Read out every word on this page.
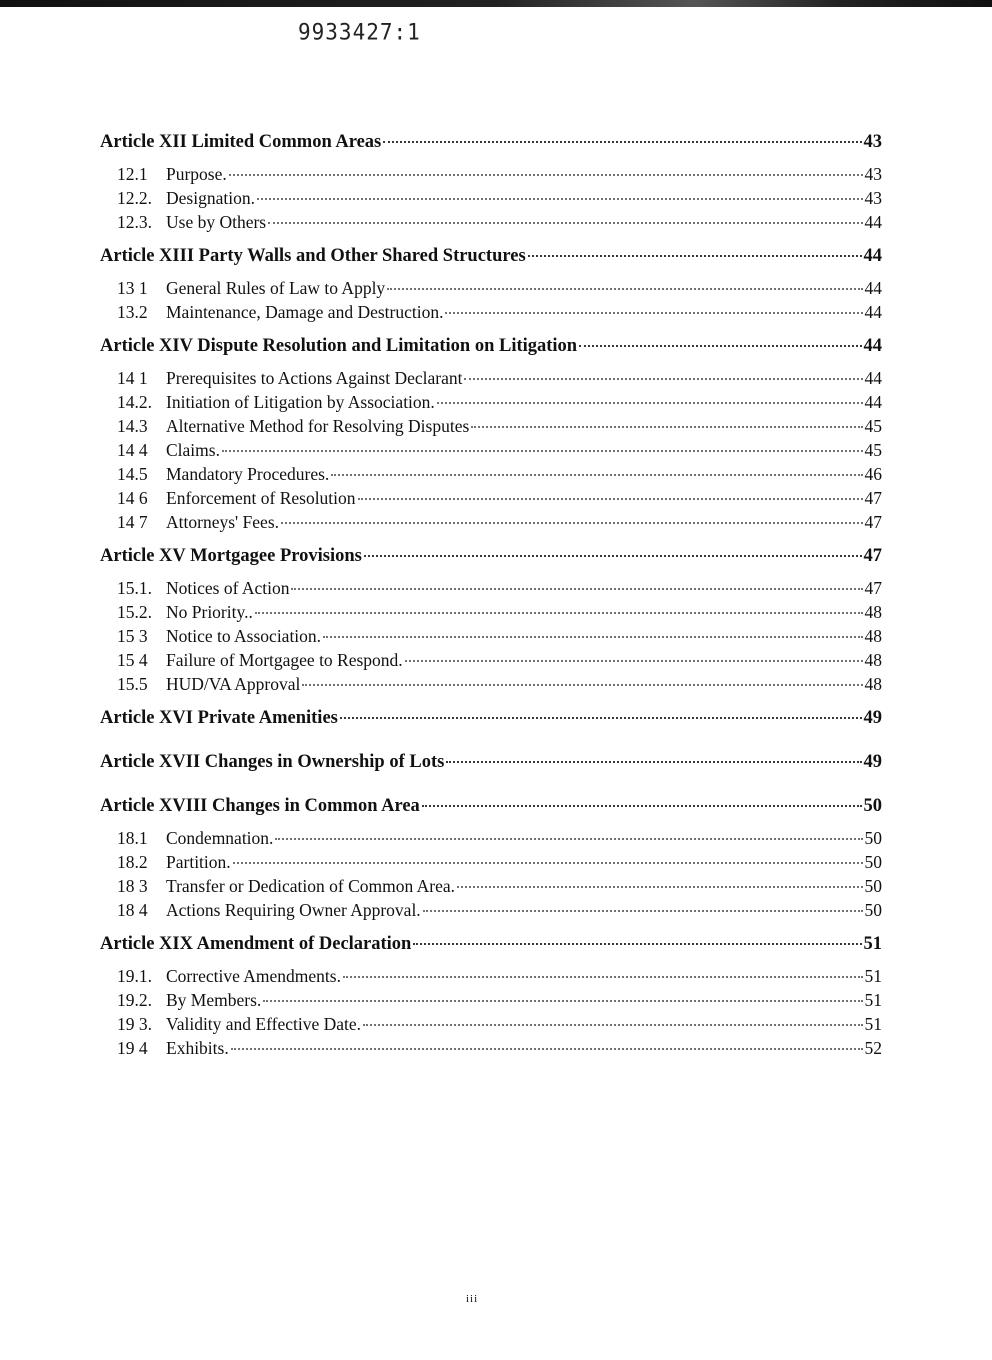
9933427:1
Article XII Limited Common Areas	43
12.1 Purpose.	43
12.2. Designation.	43
12.3. Use by Others	44
Article XIII Party Walls and Other Shared Structures	44
13 1 General Rules of Law to Apply	44
13.2 Maintenance, Damage and Destruction.	44
Article XIV Dispute Resolution and Limitation on Litigation	44
14 1 Prerequisites to Actions Against Declarant	44
14.2. Initiation of Litigation by Association.	44
14.3 Alternative Method for Resolving Disputes	45
14 4 Claims.	45
14.5 Mandatory Procedures.	46
14 6 Enforcement of Resolution	47
14 7 Attorneys' Fees.	47
Article XV Mortgagee Provisions	47
15.1. Notices of Action	47
15.2. No Priority..	48
15 3 Notice to Association.	48
15 4 Failure of Mortgagee to Respond.	48
15.5 HUD/VA Approval	48
Article XVI Private Amenities	49
Article XVII Changes in Ownership of Lots	49
Article XVIII Changes in Common Area	50
18.1 Condemnation.	50
18.2 Partition.	50
18 3 Transfer or Dedication of Common Area.	50
18 4 Actions Requiring Owner Approval.	50
Article XIX Amendment of Declaration	51
19.1. Corrective Amendments.	51
19.2. By Members.	51
19 3. Validity and Effective Date.	51
19 4 Exhibits.	52
iii
